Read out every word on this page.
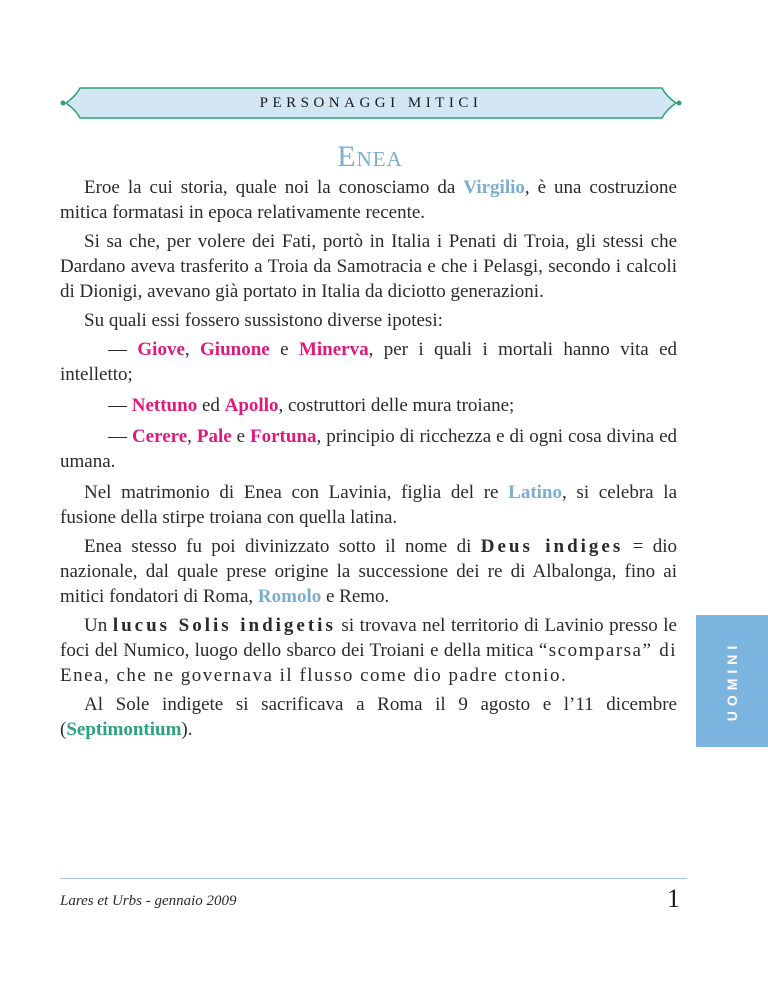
PERSONAGGI MITICI
Enea

Eroe la cui storia, quale noi la conosciamo da Virgilio, è una costruzione mitica formatasi in epoca relativamente recente.

Si sa che, per volere dei Fati, portò in Italia i Penati di Troia, gli stessi che Dardano aveva trasferito a Troia da Samotracia e che i Pelasgi, secondo i calcoli di Dionigi, avevano già portato in Italia da diciotto generazioni.

Su quali essi fossero sussistono diverse ipotesi:

— Giove, Giunone e Minerva, per i quali i mortali hanno vita ed intelletto;

— Nettuno ed Apollo, costruttori delle mura troiane;

— Cerere, Pale e Fortuna, principio di ricchezza e di ogni cosa divina ed umana.

Nel matrimonio di Enea con Lavinia, figlia del re Latino, si celebra la fusione della stirpe troiana con quella latina.

Enea stesso fu poi divinizzato sotto il nome di Deus indiges = dio nazionale, dal quale prese origine la successione dei re di Albalonga, fino ai mitici fondatori di Roma, Romolo e Remo.

Un lucus Solis indigetis si trovava nel territorio di Lavinio presso le foci del Numico, luogo dello sbarco dei Troiani e della mitica “scomparsa” di Enea, che ne governava il flusso come dio padre ctonio.

Al Sole indigete si sacrificava a Roma il 9 agosto e l’11 dicembre (Septimontium).

UOMINI
Lares et Urbs - gennaio 2009	1
